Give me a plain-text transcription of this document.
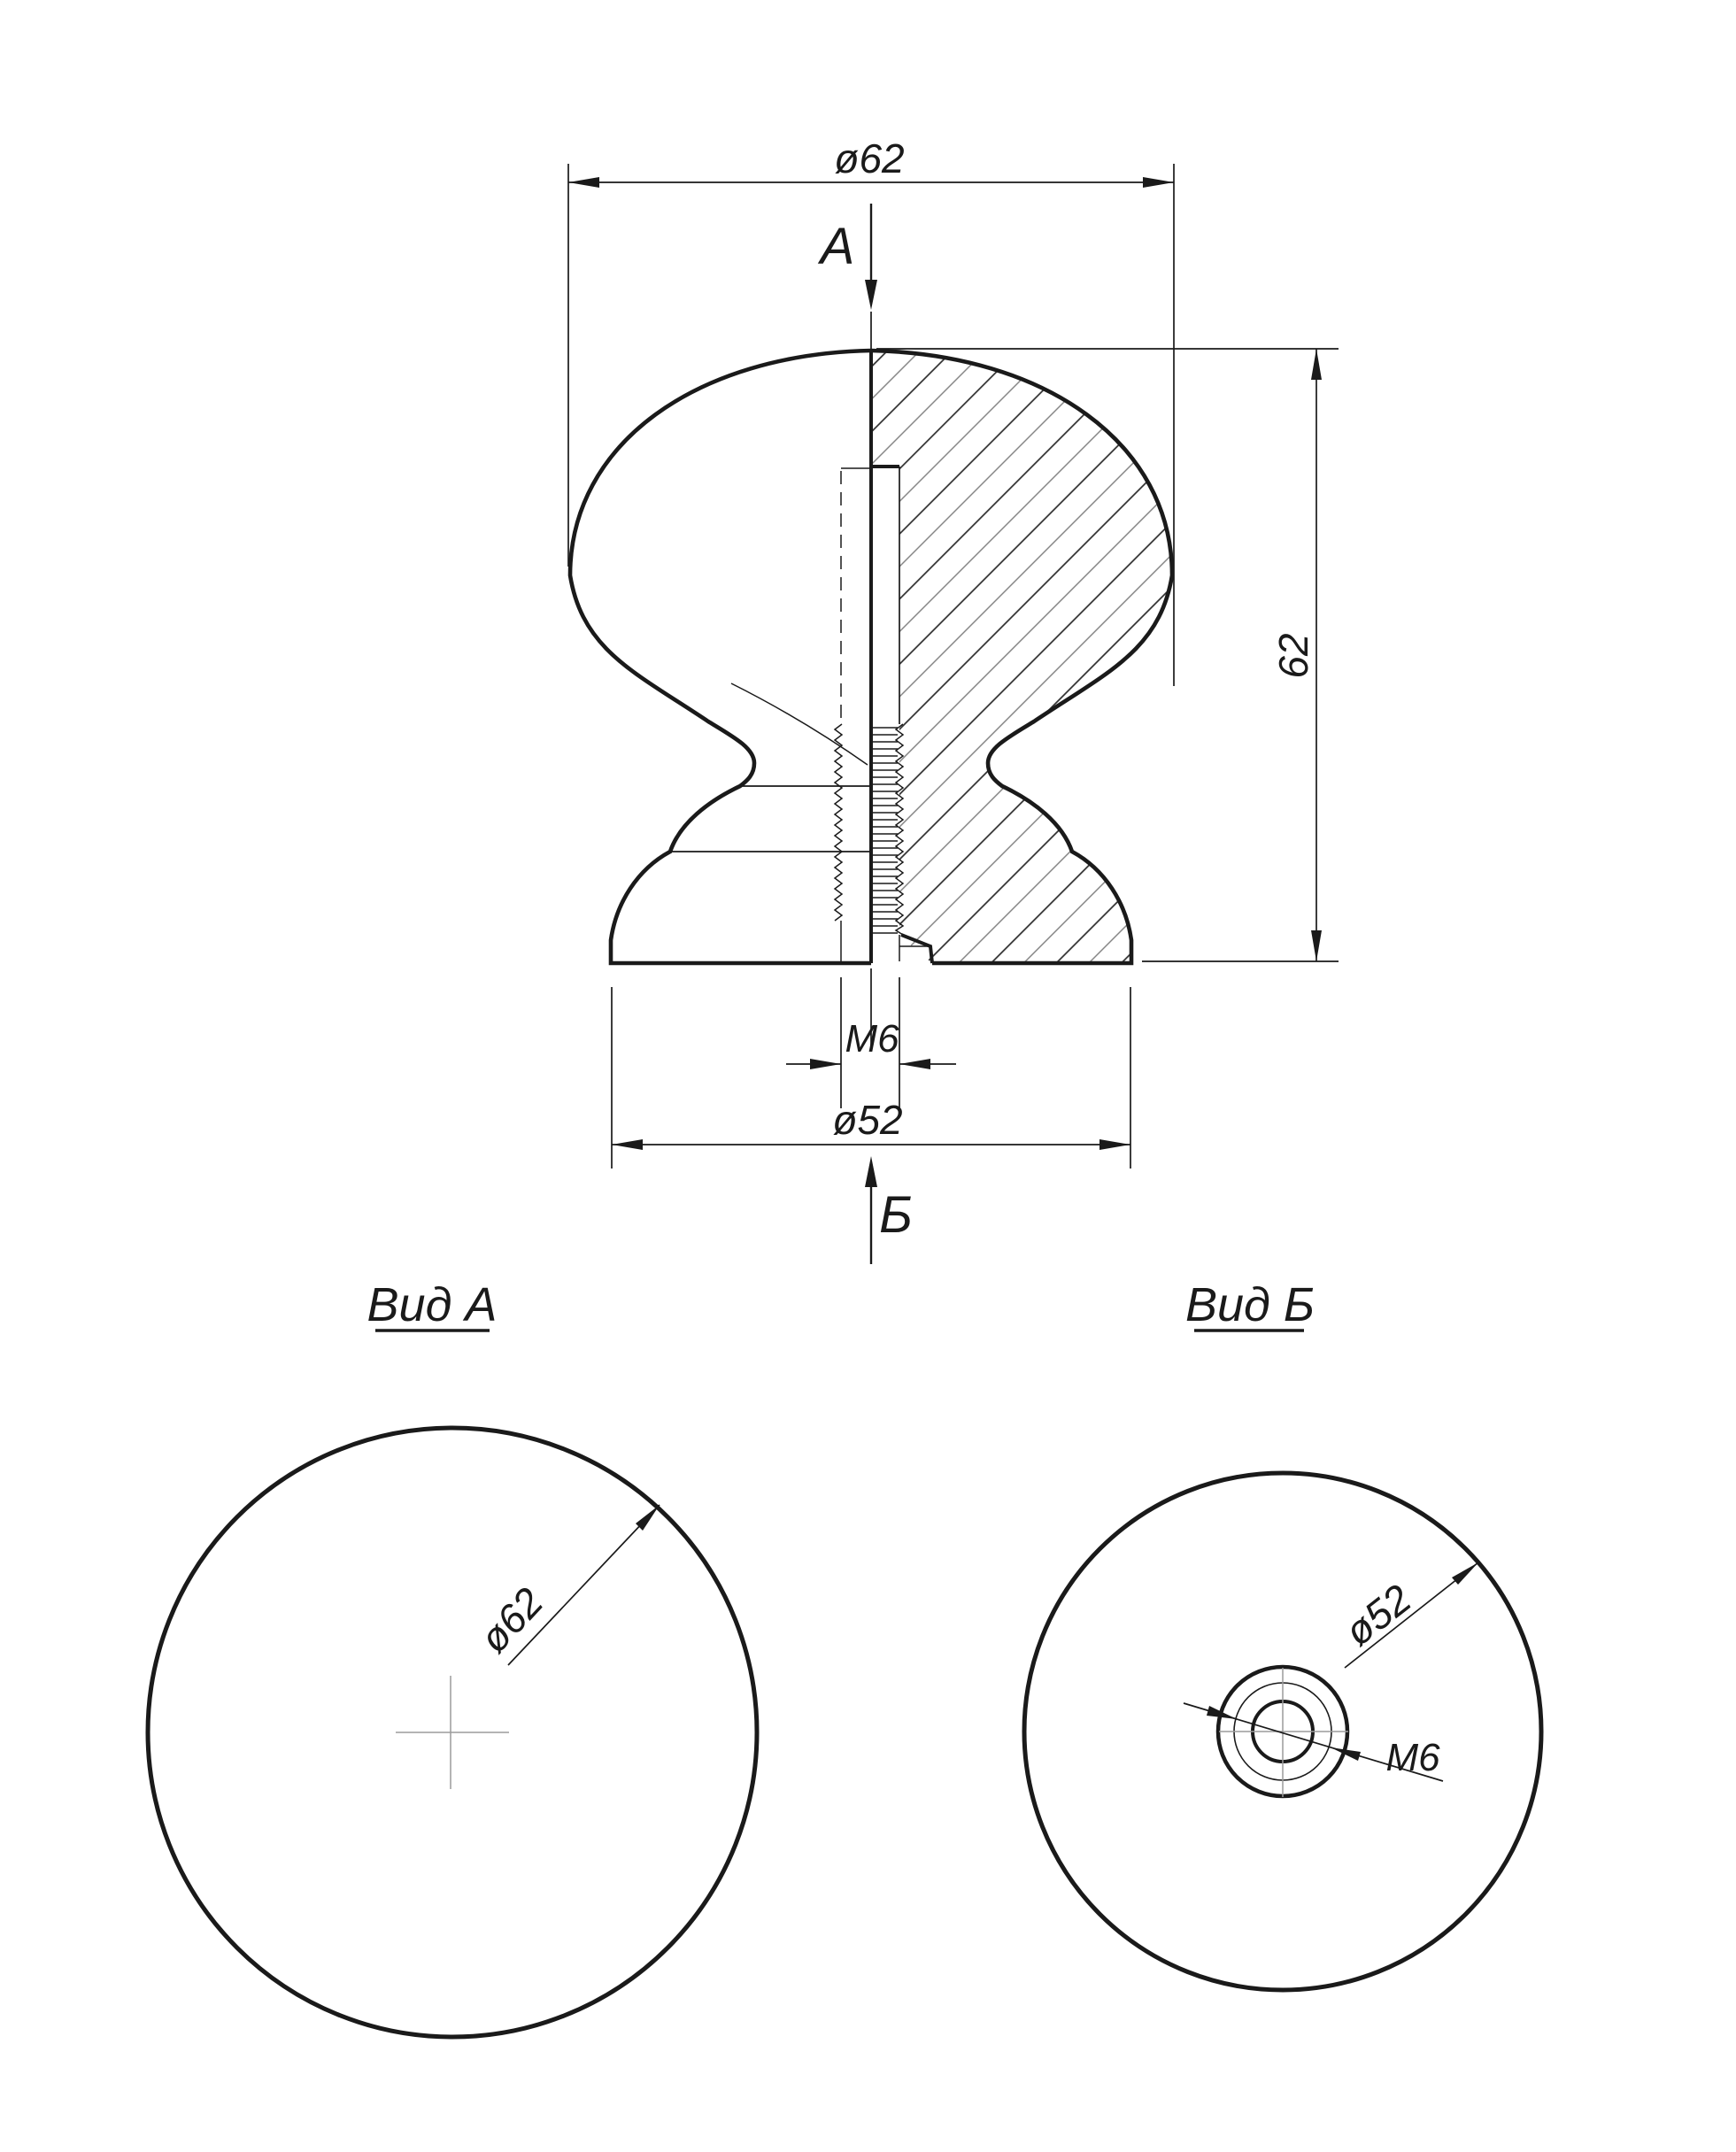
ø62
А
62
M6
ø52
Б
Вид А
ø62
Вид Б
ø52
M6
